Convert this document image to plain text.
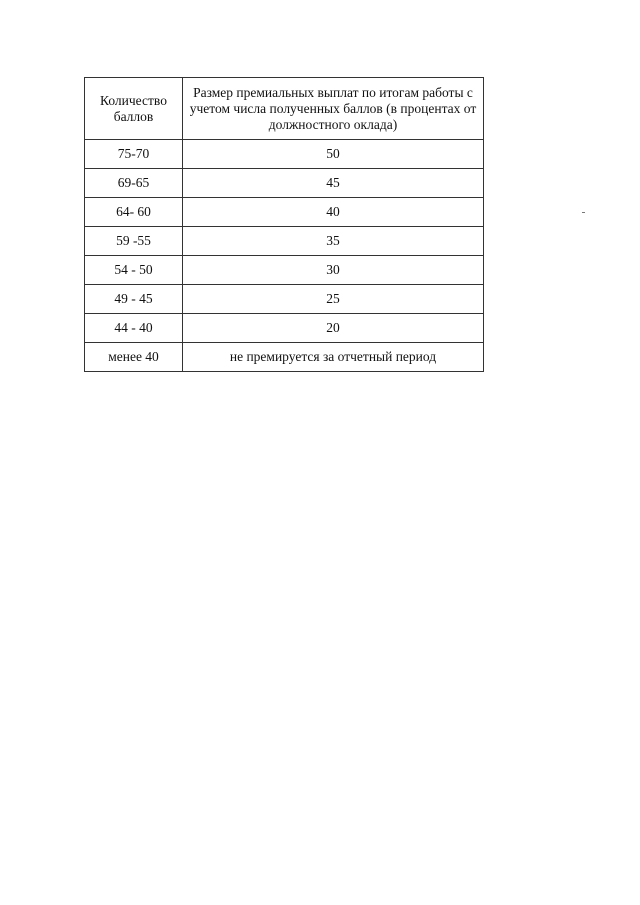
Количество баллов	Размер премиальных выплат по итогам работы с учетом числа полученных баллов (в процентах от должностного оклада)
75-70	50
69-65	45
64- 60	40
59 -55	35
54 - 50	30
49 - 45	25
44 - 40	20
менее 40	не премируется за отчетный период
